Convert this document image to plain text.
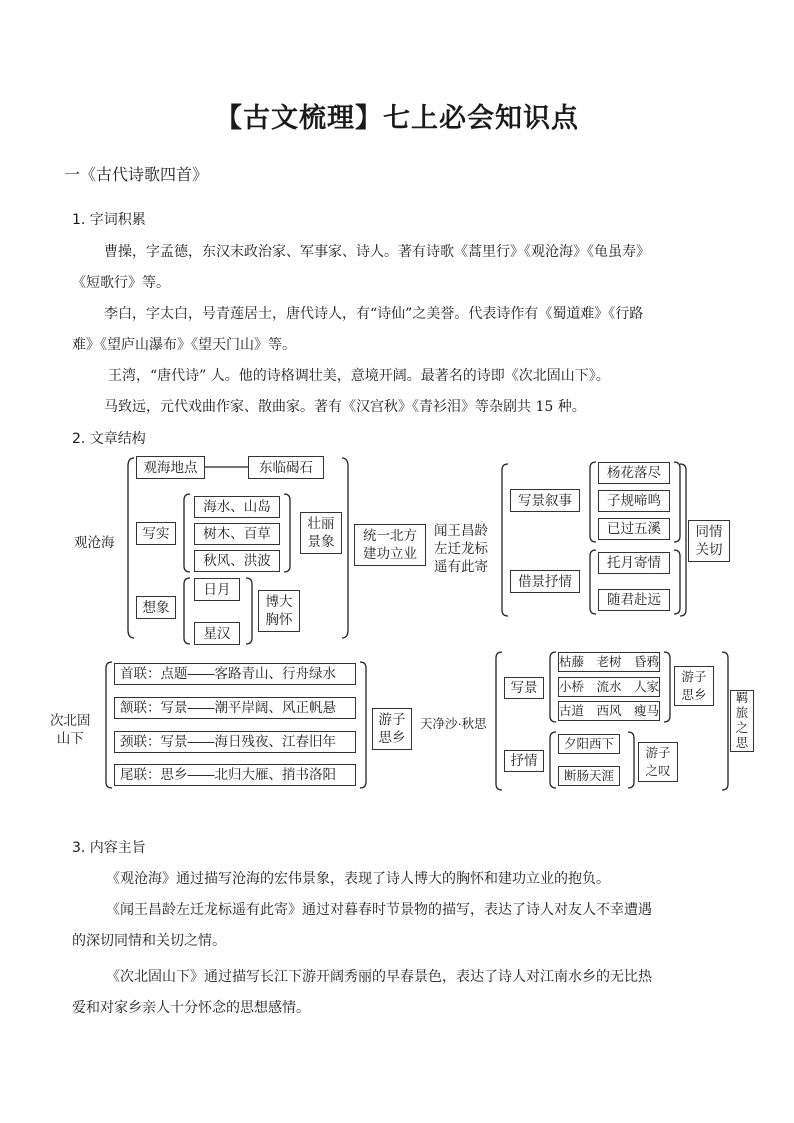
【古文梳理】七上必会知识点
一《古代诗歌四首》
1. 字词积累
曹操，字孟德，东汉末政治家、军事家、诗人。著有诗歌《蒿里行》《观沧海》《龟虽寿》
《短歌行》等。
李白，字太白，号青莲居士，唐代诗人，有“诗仙”之美誉。代表诗作有《蜀道难》《行路
难》《望庐山瀑布》《望天门山》等。
王湾，“唐代诗” 人。他的诗格调壮美，意境开阔。最著名的诗即《次北固山下》。
马致远，元代戏曲作家、散曲家。著有《汉宫秋》《青衫泪》等杂剧共 15 种。
2. 文章结构
观沧海
观海地点	东临碣石
写实
海水、山岛
树木、百草
秋风、洪波
壮丽
景象
想象
日月
星汉
博大
胸怀
统一北方
建功立业
闻王昌龄
左迁龙标
遥有此寄
写景叙事
杨花落尽
子规啼鸣
已过五溪
借景抒情
托月寄情
随君赴远
同情
关切
次北固
山下
首联：点题——客路青山、行舟绿水
颔联：写景——潮平岸阔、风正帆悬
颈联：写景——海日残夜、江春旧年
尾联：思乡——北归大雁、捎书洛阳
游子
思乡
天净沙·秋思
写景
枯藤　老树　昏鸦
小桥　流水　人家
古道　西风　瘦马
游子
思乡
抒情
夕阳西下
断肠天涯
游子
之叹
羁
旅
之
思
3. 内容主旨
《观沧海》通过描写沧海的宏伟景象，表现了诗人博大的胸怀和建功立业的抱负。
《闻王昌龄左迁龙标遥有此寄》通过对暮春时节景物的描写，表达了诗人对友人不幸遭遇
的深切同情和关切之情。
《次北固山下》通过描写长江下游开阔秀丽的早春景色，表达了诗人对江南水乡的无比热
爱和对家乡亲人十分怀念的思想感情。
